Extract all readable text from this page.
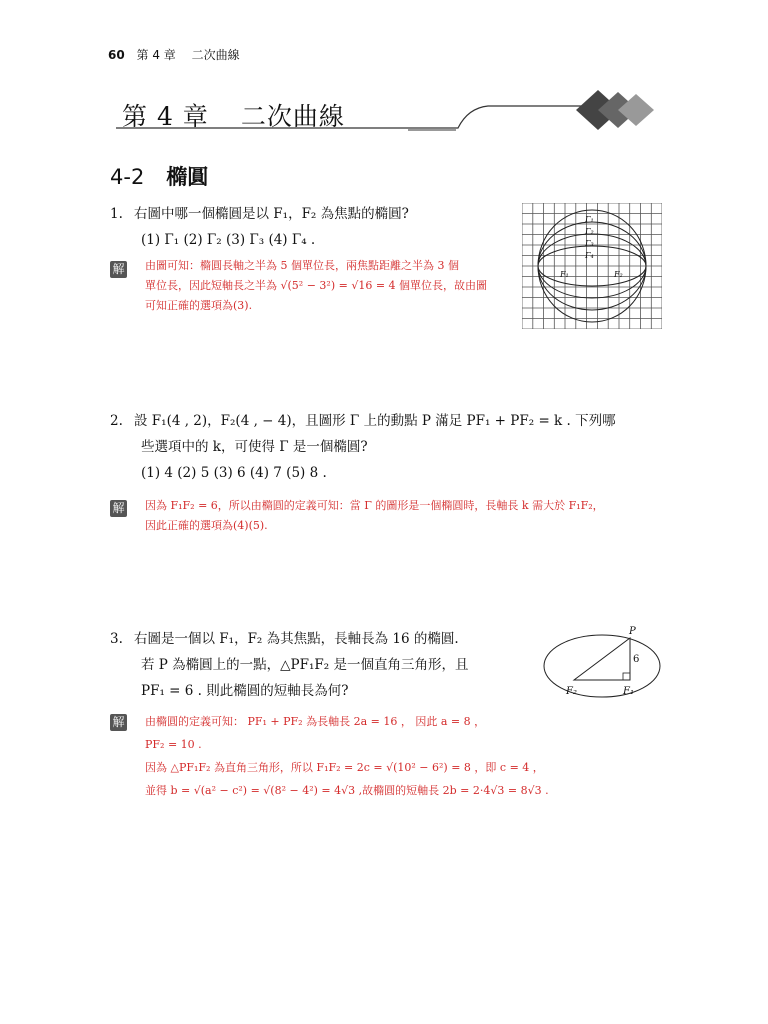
60 第 4 章 二次曲線
第 4 章 二次曲線
4-2 橢圓
1. 右圖中哪一個橢圓是以 F₁，F₂ 為焦點的橢圓?
(1) Γ₁ (2) Γ₂ (3) Γ₃ (4) Γ₄ .
解 由圖可知：橢圓長軸之半為 5 個單位長，兩焦點距離之半為 3 個
單位長，因此短軸長之半為 √(5² − 3²) = √16 = 4 個單位長，故由圖
可知正確的選項為(3).
Γ₁
Γ₂
Γ₃
Γ₄
F₁	F₂
2. 設 F₁(4 , 2)，F₂(4 , − 4)，且圖形 Γ 上的動點 P 滿足 PF₁ + PF₂ = k . 下列哪
些選項中的 k，可使得 Γ 是一個橢圓?
(1) 4 (2) 5 (3) 6 (4) 7 (5) 8 .
解 因為 F₁F₂ = 6，所以由橢圓的定義可知：當 Γ 的圖形是一個橢圓時，長軸長 k 需大於 F₁F₂，
因此正確的選項為(4)(5).
3. 右圖是一個以 F₁，F₂ 為其焦點，長軸長為 16 的橢圓.
若 P 為橢圓上的一點，△PF₁F₂ 是一個直角三角形，且
PF₁ = 6 . 則此橢圓的短軸長為何?
P
6
F₂	F₁
解 由橢圓的定義可知： PF₁ + PF₂ 為長軸長 2a = 16 ， 因此 a = 8 ，
PF₂ = 10 .
因為 △PF₁F₂ 為直角三角形，所以 F₁F₂ = 2c = √(10² − 6²) = 8 ，即 c = 4 ，
並得 b = √(a² − c²) = √(8² − 4²) = 4√3 ,故橢圓的短軸長 2b = 2·4√3 = 8√3 .
